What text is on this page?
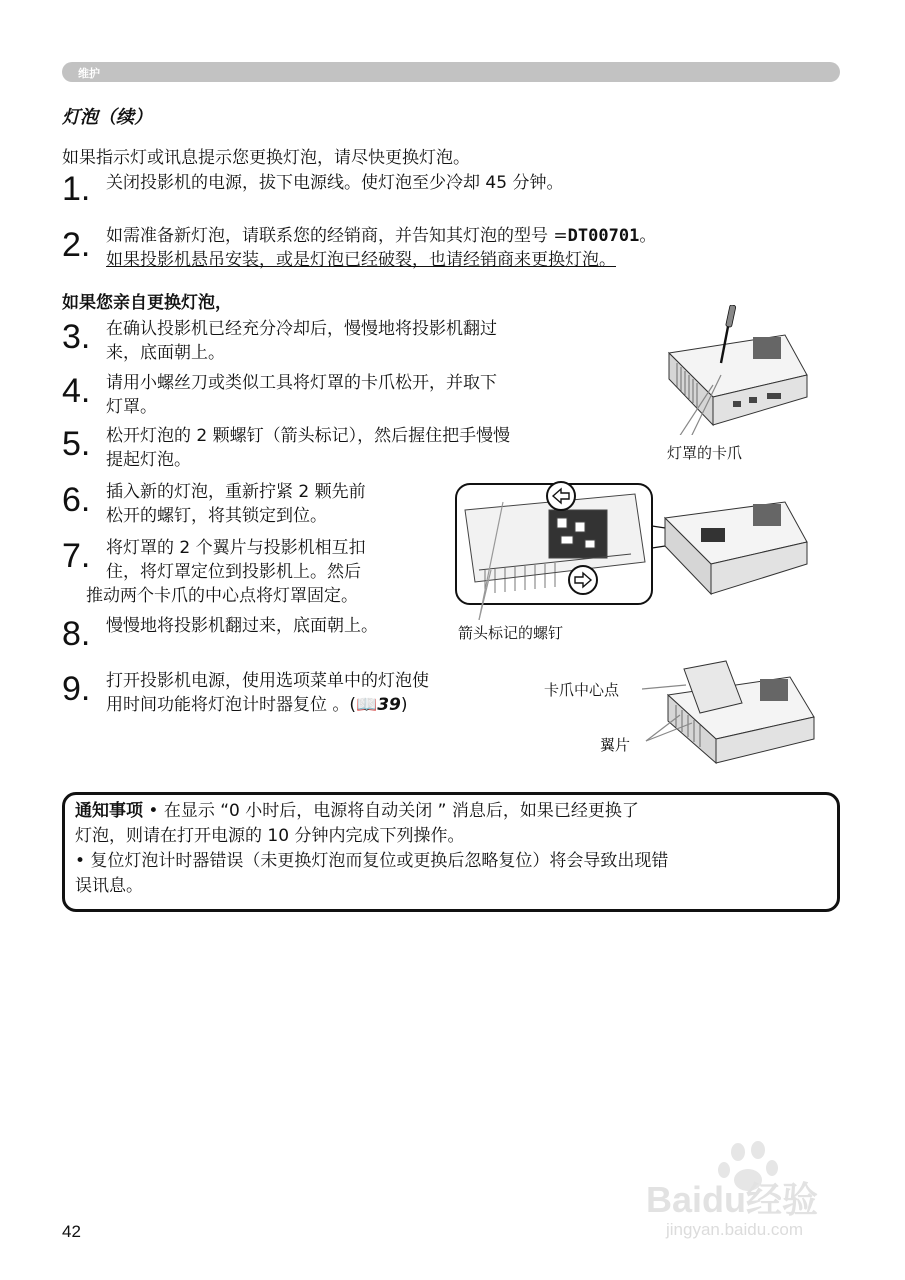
维护
灯泡（续）
如果指示灯或讯息提示您更换灯泡，请尽快更换灯泡。
1. 关闭投影机的电源，拔下电源线。使灯泡至少冷却 45 分钟。
2. 如需准备新灯泡，请联系您的经销商，并告知其灯泡的型号 =DT00701。
如果投影机悬吊安装，或是灯泡已经破裂，也请经销商来更换灯泡。
如果您亲自更换灯泡，
3. 在确认投影机已经充分冷却后，慢慢地将投影机翻过
来，底面朝上。
4. 请用小螺丝刀或类似工具将灯罩的卡爪松开，并取下
灯罩。
5. 松开灯泡的 2 颗螺钉（箭头标记），然后握住把手慢慢
提起灯泡。
6. 插入新的灯泡，重新拧紧 2 颗先前
松开的螺钉，将其锁定到位。
7. 将灯罩的 2 个翼片与投影机相互扣
住，将灯罩定位到投影机上。然后
推动两个卡爪的中心点将灯罩固定。
8. 慢慢地将投影机翻过来，底面朝上。
9. 打开投影机电源，使用选项菜单中的灯泡使
用时间功能将灯泡计时器复位 。(📖39)
灯罩的卡爪
箭头标记的螺钉
卡爪中心点
翼片
通知事项 • 在显示 “0 小时后，电源将自动关闭 ” 消息后，如果已经更换了
灯泡，则请在打开电源的 10 分钟内完成下列操作。
• 复位灯泡计时器错误（未更换灯泡而复位或更换后忽略复位）将会导致出现错
误讯息。
42
Baidu经验
jingyan.baidu.com
